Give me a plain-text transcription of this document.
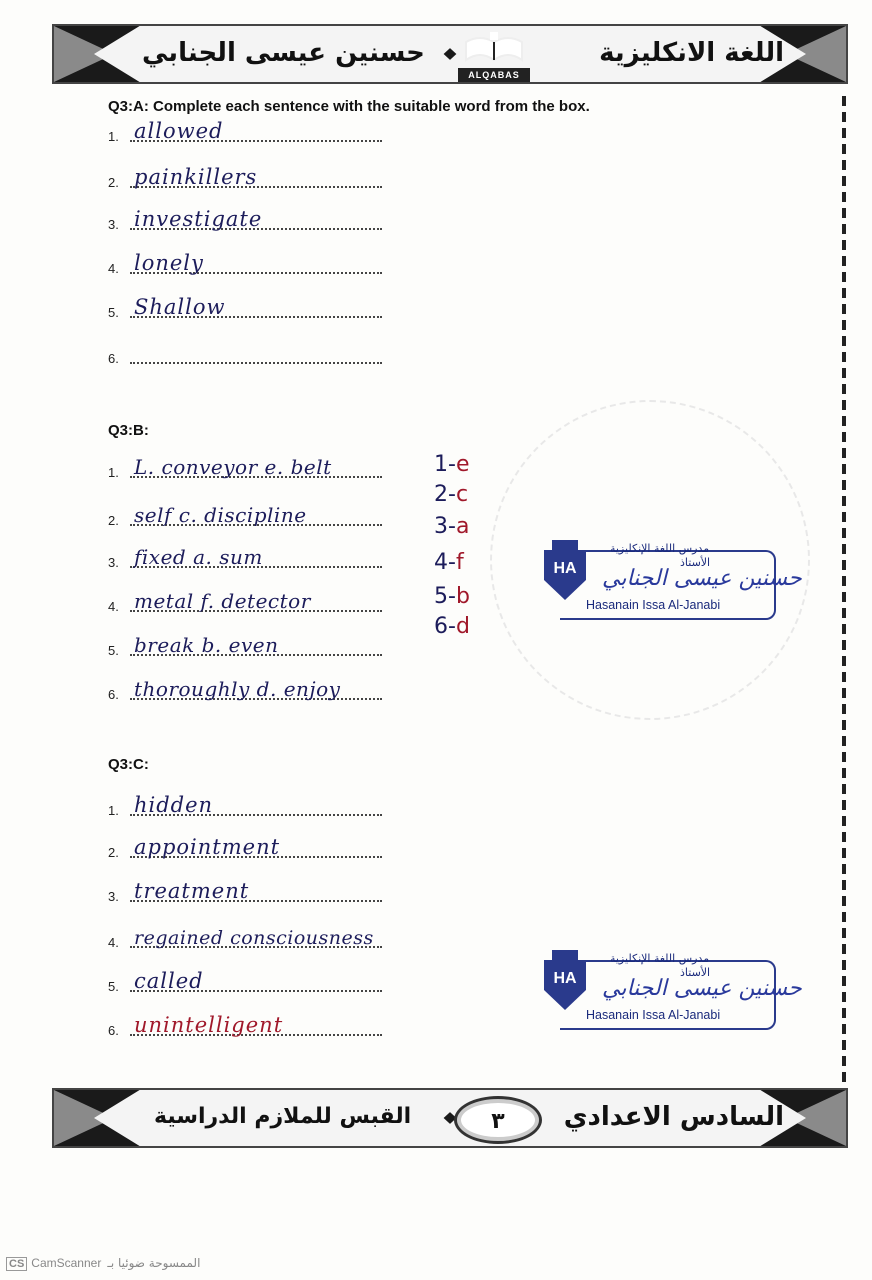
حسنين عيسى الجنابي	اللغة الانكليزية
ALQABAS
Q3:A: Complete each sentence with the suitable word from the box.
1. allowed
2. painkillers
3. investigate
4. lonely
5. Shallow
6.
Q3:B:
1. L. conveyor e. belt
2. self c. discipline
3. fixed a. sum
4. metal f. detector
5. break b. even
6. thoroughly d. enjoy
Q3:C:
1. hidden
2. appointment
3. treatment
4. regained consciousness
5. called
6. unintelligent
1-e
2-c
3-a
4-f
5-b
6-d
HA
مدرس اللغة الإنكليزية
الأستاذ
حسنين عيسى الجنابي
Hasanain Issa Al-Janabi
HA
مدرس اللغة الإنكليزية
الأستاذ
حسنين عيسى الجنابي
Hasanain Issa Al-Janabi
القبس للملازم الدراسية	السادس الاعدادي
٣
CS CamScanner الممسوحة ضوئيا بـ
